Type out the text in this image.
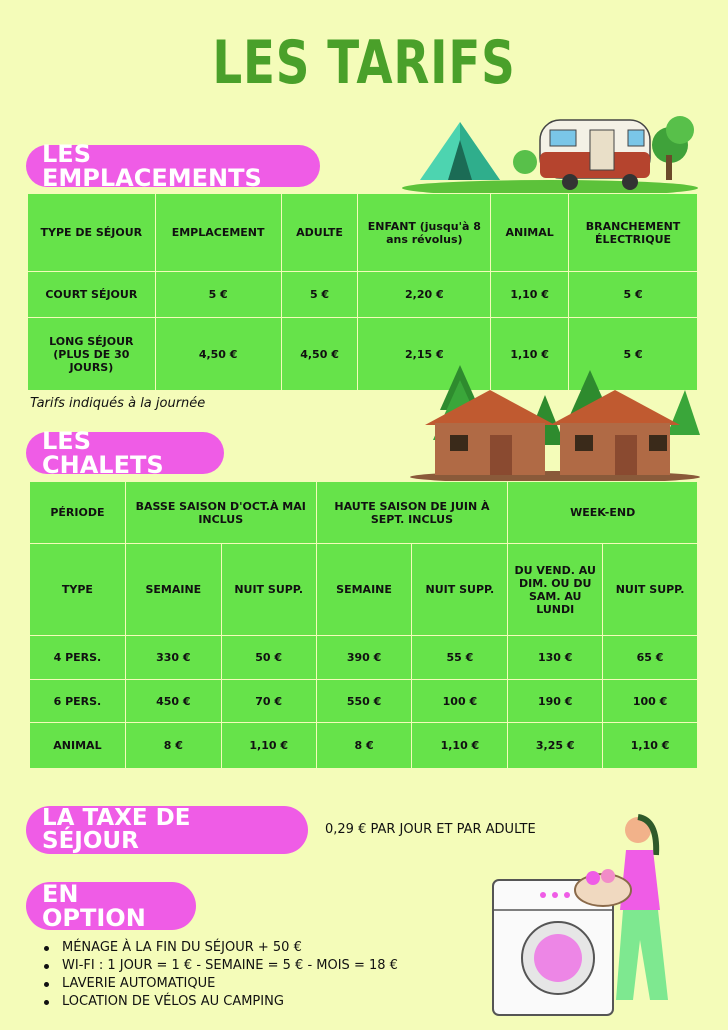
LES TARIFS
LES EMPLACEMENTS
TYPE DE SÉJOUR	EMPLACEMENT	ADULTE	ENFANT (jusqu'à 8 ans révolus)	ANIMAL	BRANCHEMENT ÉLECTRIQUE
COURT SÉJOUR	5 €	5 €	2,20 €	1,10 €	5 €
LONG SÉJOUR (PLUS DE 30 JOURS)	4,50 €	4,50 €	2,15 €	1,10 €	5 €
Tarifs indiqués à la journée
LES CHALETS
PÉRIODE	BASSE SAISON D'OCT.À MAI INCLUS		HAUTE SAISON DE JUIN À SEPT. INCLUS		WEEK-END	
TYPE	SEMAINE	NUIT SUPP.	SEMAINE	NUIT SUPP.	DU VEND. AU DIM. OU DU SAM. AU LUNDI	NUIT SUPP.
4 PERS.	330 €	50 €	390 €	55 €	130 €	65 €
6 PERS.	450 €	70 €	550 €	100 €	190 €	100 €
ANIMAL	8 €	1,10 €	8 €	1,10 €	3,25 €	1,10 €
LA TAXE DE SÉJOUR	0,29 € PAR JOUR ET PAR ADULTE
EN OPTION
MÉNAGE À LA FIN DU SÉJOUR + 50 €
WI-FI : 1 JOUR = 1 € - SEMAINE = 5 € - MOIS = 18 €
LAVERIE AUTOMATIQUE
LOCATION DE VÉLOS AU CAMPING
